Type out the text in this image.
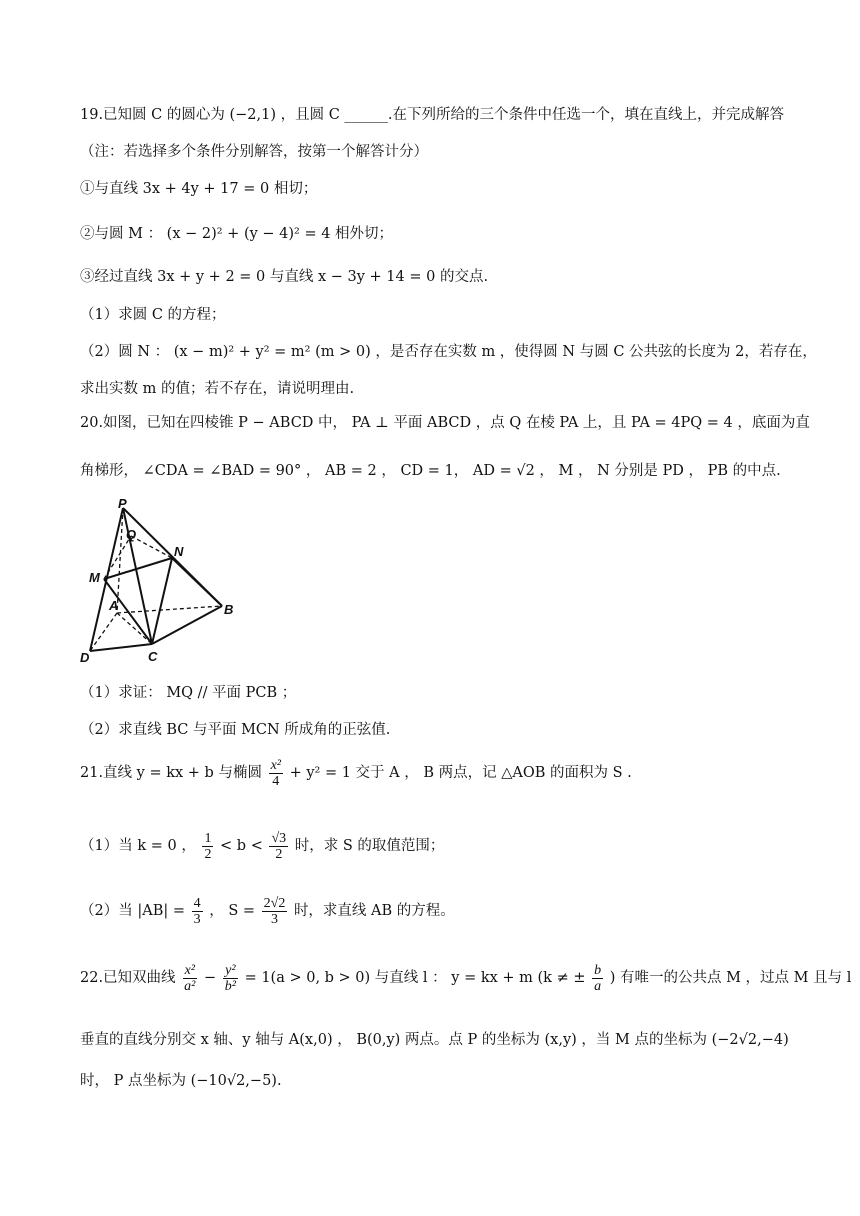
19.已知圆 C 的圆心为 (−2,1) ，且圆 C ______.在下列所给的三个条件中任选一个，填在直线上，并完成解答
（注：若选择多个条件分别解答，按第一个解答计分）
①与直线 3x + 4y + 17 = 0 相切；
②与圆 M ： (x − 2)² + (y − 4)² = 4 相外切；
③经过直线 3x + y + 2 = 0 与直线 x − 3y + 14 = 0 的交点.
（1）求圆 C 的方程；
（2）圆 N ： (x − m)² + y² = m² (m > 0) ，是否存在实数 m ，使得圆 N 与圆 C 公共弦的长度为 2，若存在，
求出实数 m 的值；若不存在，请说明理由.
20.如图，已知在四棱锥 P − ABCD 中， PA ⊥ 平面 ABCD ，点 Q 在棱 PA 上，且 PA = 4PQ = 4 ，底面为直
角梯形， ∠CDA = ∠BAD = 90° ， AB = 2 ， CD = 1， AD = √2 ， M ， N 分别是 PD ， PB 的中点.
P
Q
N
M
A	B
D	C
（1）求证： MQ // 平面 PCB ；
（2）求直线 BC 与平面 MCN 所成角的正弦值.
21.直线 y = kx + b 与椭圆 $\frac{\text{x²}}{4} + y^2 = 1$ 交于 A ， B 两点，记 △AOB 的面积为 S .
（1）当 k = 0 ， $\frac{1}{2} < b < \frac{√3}{2}$ 时，求 S 的取值范围；
（2）当 $|AB| = \frac{4}{3}$ ， $S = \frac{2√2}{3}$ 时，求直线 AB 的方程。
22.已知双曲线 $\frac{\text{x²}}{\text{a²}} - \frac{\text{y²}}{\text{b²}} = 1(a > 0$, b > 0) 与直线 l ： y = kx + m (k ≠ ± $\frac{b}{a}$ ) 有唯一的公共点 M ，过点 M 且与 l
垂直的直线分别交 x 轴、y 轴与 A(x,0) ， B(0,y) 两点。点 P 的坐标为 (x,y) ，当 M 点的坐标为 (−2√2,−4)
时， P 点坐标为 (−10√2,−5).
